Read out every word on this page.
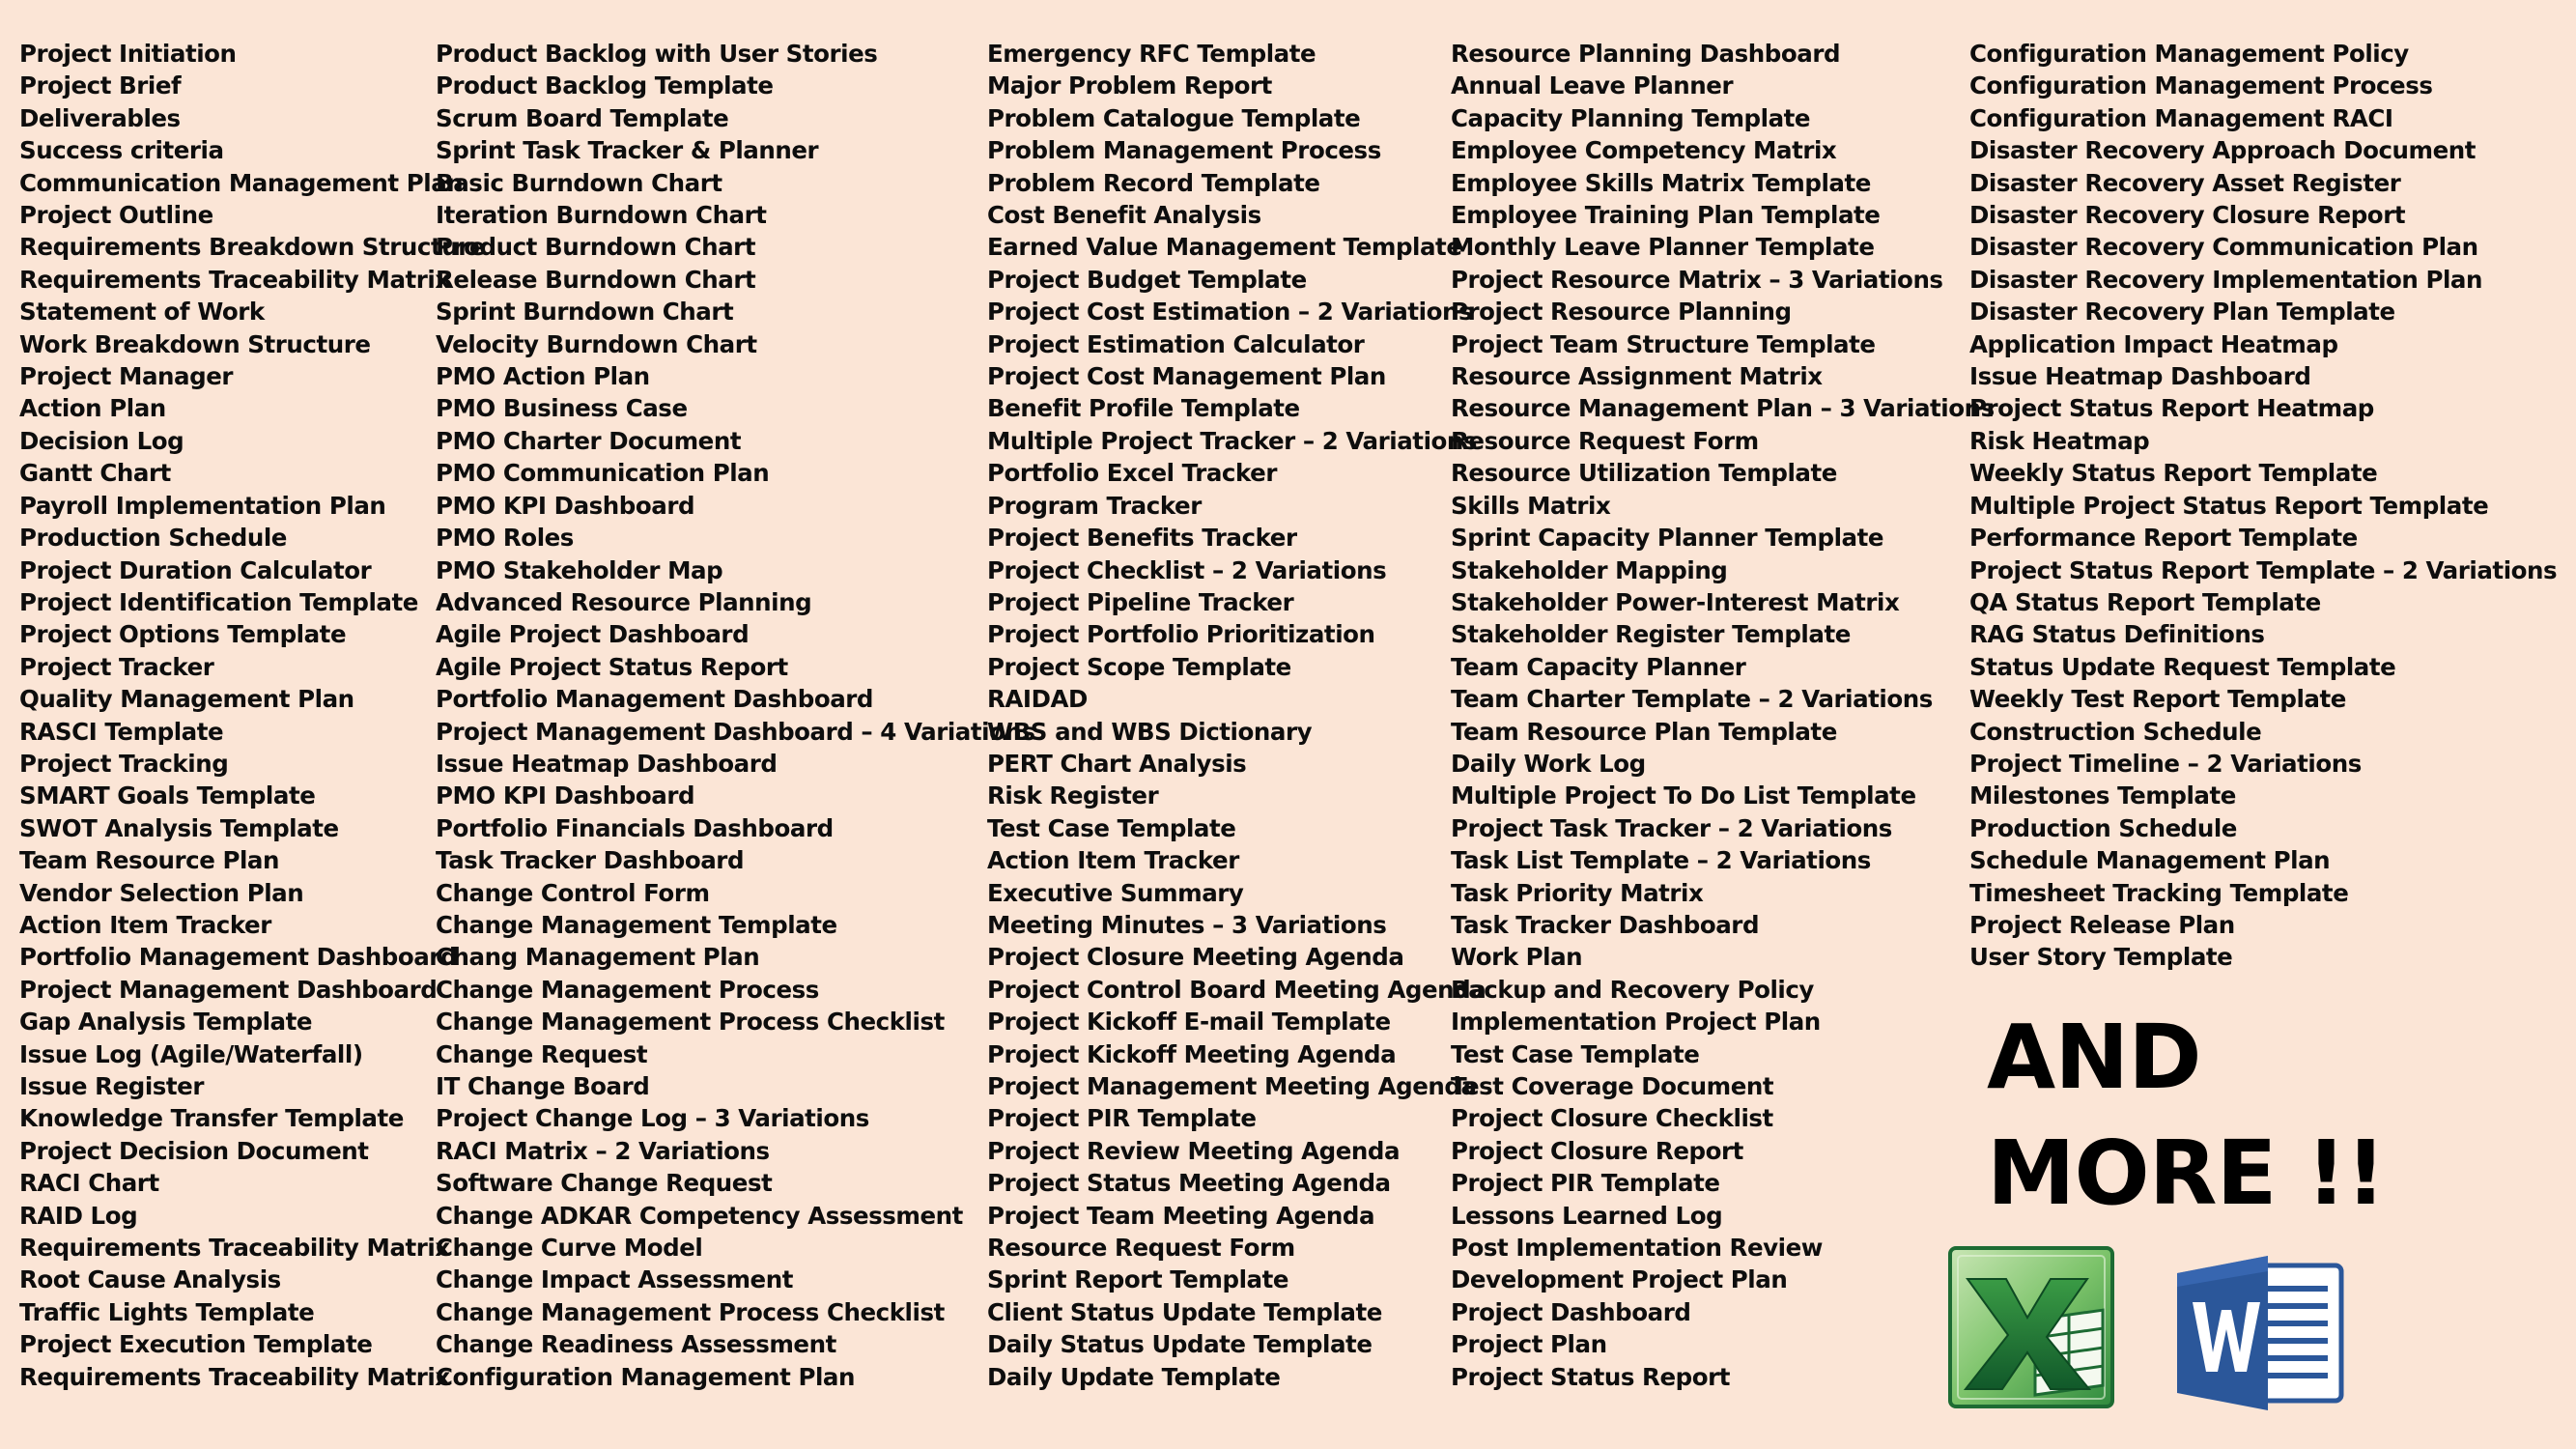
Project Initiation
Project Brief
Deliverables
Success criteria
Communication Management Plan
Project Outline
Requirements Breakdown Structure
Requirements Traceability Matrix
Statement of Work
Work Breakdown Structure
Project Manager
Action Plan
Decision Log
Gantt Chart
Payroll Implementation Plan
Production Schedule
Project Duration Calculator
Project Identification Template
Project Options Template
Project Tracker
Quality Management Plan
RASCI Template
Project Tracking
SMART Goals Template
SWOT Analysis Template
Team Resource Plan
Vendor Selection Plan
Action Item Tracker
Portfolio Management Dashboard
Project Management Dashboard
Gap Analysis Template
Issue Log (Agile/Waterfall)
Issue Register
Knowledge Transfer Template
Project Decision Document
RACI Chart
RAID Log
Requirements Traceability Matrix
Root Cause Analysis
Traffic Lights Template
Project Execution Template
Requirements Traceability Matrix
Product Backlog with User Stories
Product Backlog Template
Scrum Board Template
Sprint Task Tracker & Planner
Basic Burndown Chart
Iteration Burndown Chart
Product Burndown Chart
Release Burndown Chart
Sprint Burndown Chart
Velocity Burndown Chart
PMO Action Plan
PMO Business Case
PMO Charter Document
PMO Communication Plan
PMO KPI Dashboard
PMO Roles
PMO Stakeholder Map
Advanced Resource Planning
Agile Project Dashboard
Agile Project Status Report
Portfolio Management Dashboard
Project Management Dashboard – 4 Variations
Issue Heatmap Dashboard
PMO KPI Dashboard
Portfolio Financials Dashboard
Task Tracker Dashboard
Change Control Form
Change Management Template
Chang Management Plan
Change Management Process
Change Management Process Checklist
Change Request
IT Change Board
Project Change Log – 3 Variations
RACI Matrix – 2 Variations
Software Change Request
Change ADKAR Competency Assessment
Change Curve Model
Change Impact Assessment
Change Management Process Checklist
Change Readiness Assessment
Configuration Management Plan
Emergency RFC Template
Major Problem Report
Problem Catalogue Template
Problem Management Process
Problem Record Template
Cost Benefit Analysis
Earned Value Management Template
Project Budget Template
Project Cost Estimation – 2 Variations
Project Estimation Calculator
Project Cost Management Plan
Benefit Profile Template
Multiple Project Tracker – 2 Variations
Portfolio Excel Tracker
Program Tracker
Project Benefits Tracker
Project Checklist – 2 Variations
Project Pipeline Tracker
Project Portfolio Prioritization
Project Scope Template
RAIDAD
WBS and WBS Dictionary
PERT Chart Analysis
Risk Register
Test Case Template
Action Item Tracker
Executive Summary
Meeting Minutes – 3 Variations
Project Closure Meeting Agenda
Project Control Board Meeting Agenda
Project Kickoff E-mail Template
Project Kickoff Meeting Agenda
Project Management Meeting Agenda
Project PIR Template
Project Review Meeting Agenda
Project Status Meeting Agenda
Project Team Meeting Agenda
Resource Request Form
Sprint Report Template
Client Status Update Template
Daily Status Update Template
Daily Update Template
Resource Planning Dashboard
Annual Leave Planner
Capacity Planning Template
Employee Competency Matrix
Employee Skills Matrix Template
Employee Training Plan Template
Monthly Leave Planner Template
Project Resource Matrix – 3 Variations
Project Resource Planning
Project Team Structure Template
Resource Assignment Matrix
Resource Management Plan – 3 Variations
Resource Request Form
Resource Utilization Template
Skills Matrix
Sprint Capacity Planner Template
Stakeholder Mapping
Stakeholder Power-Interest Matrix
Stakeholder Register Template
Team Capacity Planner
Team Charter Template – 2 Variations
Team Resource Plan Template
Daily Work Log
Multiple Project To Do List Template
Project Task Tracker – 2 Variations
Task List Template – 2 Variations
Task Priority Matrix
Task Tracker Dashboard
Work Plan
Backup and Recovery Policy
Implementation Project Plan
Test Case Template
Test Coverage Document
Project Closure Checklist
Project Closure Report
Project PIR Template
Lessons Learned Log
Post Implementation Review
Development Project Plan
Project Dashboard
Project Plan
Project Status Report
Configuration Management Policy
Configuration Management Process
Configuration Management RACI
Disaster Recovery Approach Document
Disaster Recovery Asset Register
Disaster Recovery Closure Report
Disaster Recovery Communication Plan
Disaster Recovery Implementation Plan
Disaster Recovery Plan Template
Application Impact Heatmap
Issue Heatmap Dashboard
Project Status Report Heatmap
Risk Heatmap
Weekly Status Report Template
Multiple Project Status Report Template
Performance Report Template
Project Status Report Template – 2 Variations
QA Status Report Template
RAG Status Definitions
Status Update Request Template
Weekly Test Report Template
Construction Schedule
Project Timeline – 2 Variations
Milestones Template
Production Schedule
Schedule Management Plan
Timesheet Tracking Template
Project Release Plan
User Story Template
AND
MORE !!
